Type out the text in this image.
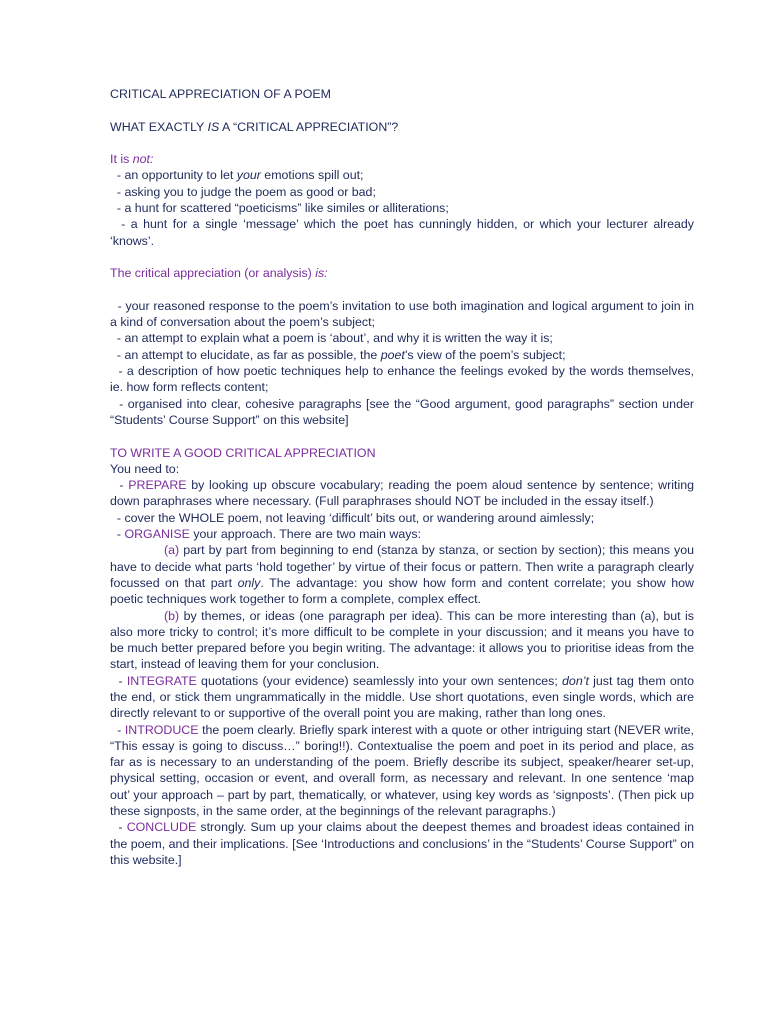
CRITICAL APPRECIATION OF A POEM

WHAT EXACTLY IS A “CRITICAL APPRECIATION”?

It is not:

- an opportunity to let your emotions spill out;

- asking you to judge the poem as good or bad;

- a hunt for scattered “poeticisms” like similes or alliterations;

- a hunt for a single ‘message’ which the poet has cunningly hidden, or which your lecturer already ‘knows’.

The critical appreciation (or analysis) is:

- your reasoned response to the poem’s invitation to use both imagination and logical argument to join in a kind of conversation about the poem’s subject;

- an attempt to explain what a poem is ‘about’, and why it is written the way it is;

- an attempt to elucidate, as far as possible, the poet’s view of the poem’s subject;

- a description of how poetic techniques help to enhance the feelings evoked by the words themselves, ie. how form reflects content;

- organised into clear, cohesive paragraphs [see the “Good argument, good paragraphs” section under “Students’ Course Support” on this website]

TO WRITE A GOOD CRITICAL APPRECIATION

You need to:

- PREPARE by looking up obscure vocabulary; reading the poem aloud sentence by sentence; writing down paraphrases where necessary. (Full paraphrases should NOT be included in the essay itself.)

- cover the WHOLE poem, not leaving ‘difficult’ bits out, or wandering around aimlessly;

- ORGANISE your approach. There are two main ways:

(a) part by part from beginning to end (stanza by stanza, or section by section); this means you have to decide what parts ‘hold together’ by virtue of their focus or pattern. Then write a paragraph clearly focussed on that part only. The advantage: you show how form and content correlate; you show how poetic techniques work together to form a complete, complex effect.

(b) by themes, or ideas (one paragraph per idea). This can be more interesting than (a), but is also more tricky to control; it’s more difficult to be complete in your discussion; and it means you have to be much better prepared before you begin writing. The advantage: it allows you to prioritise ideas from the start, instead of leaving them for your conclusion.

- INTEGRATE quotations (your evidence) seamlessly into your own sentences; don’t just tag them onto the end, or stick them ungrammatically in the middle. Use short quotations, even single words, which are directly relevant to or supportive of the overall point you are making, rather than long ones.

- INTRODUCE the poem clearly. Briefly spark interest with a quote or other intriguing start (NEVER write, “This essay is going to discuss…” boring!!). Contextualise the poem and poet in its period and place, as far as is necessary to an understanding of the poem. Briefly describe its subject, speaker/hearer set-up, physical setting, occasion or event, and overall form, as necessary and relevant. In one sentence ‘map out’ your approach – part by part, thematically, or whatever, using key words as ‘signposts’. (Then pick up these signposts, in the same order, at the beginnings of the relevant paragraphs.)

- CONCLUDE strongly. Sum up your claims about the deepest themes and broadest ideas contained in the poem, and their implications. [See ‘Introductions and conclusions’ in the “Students’ Course Support” on this website.]
